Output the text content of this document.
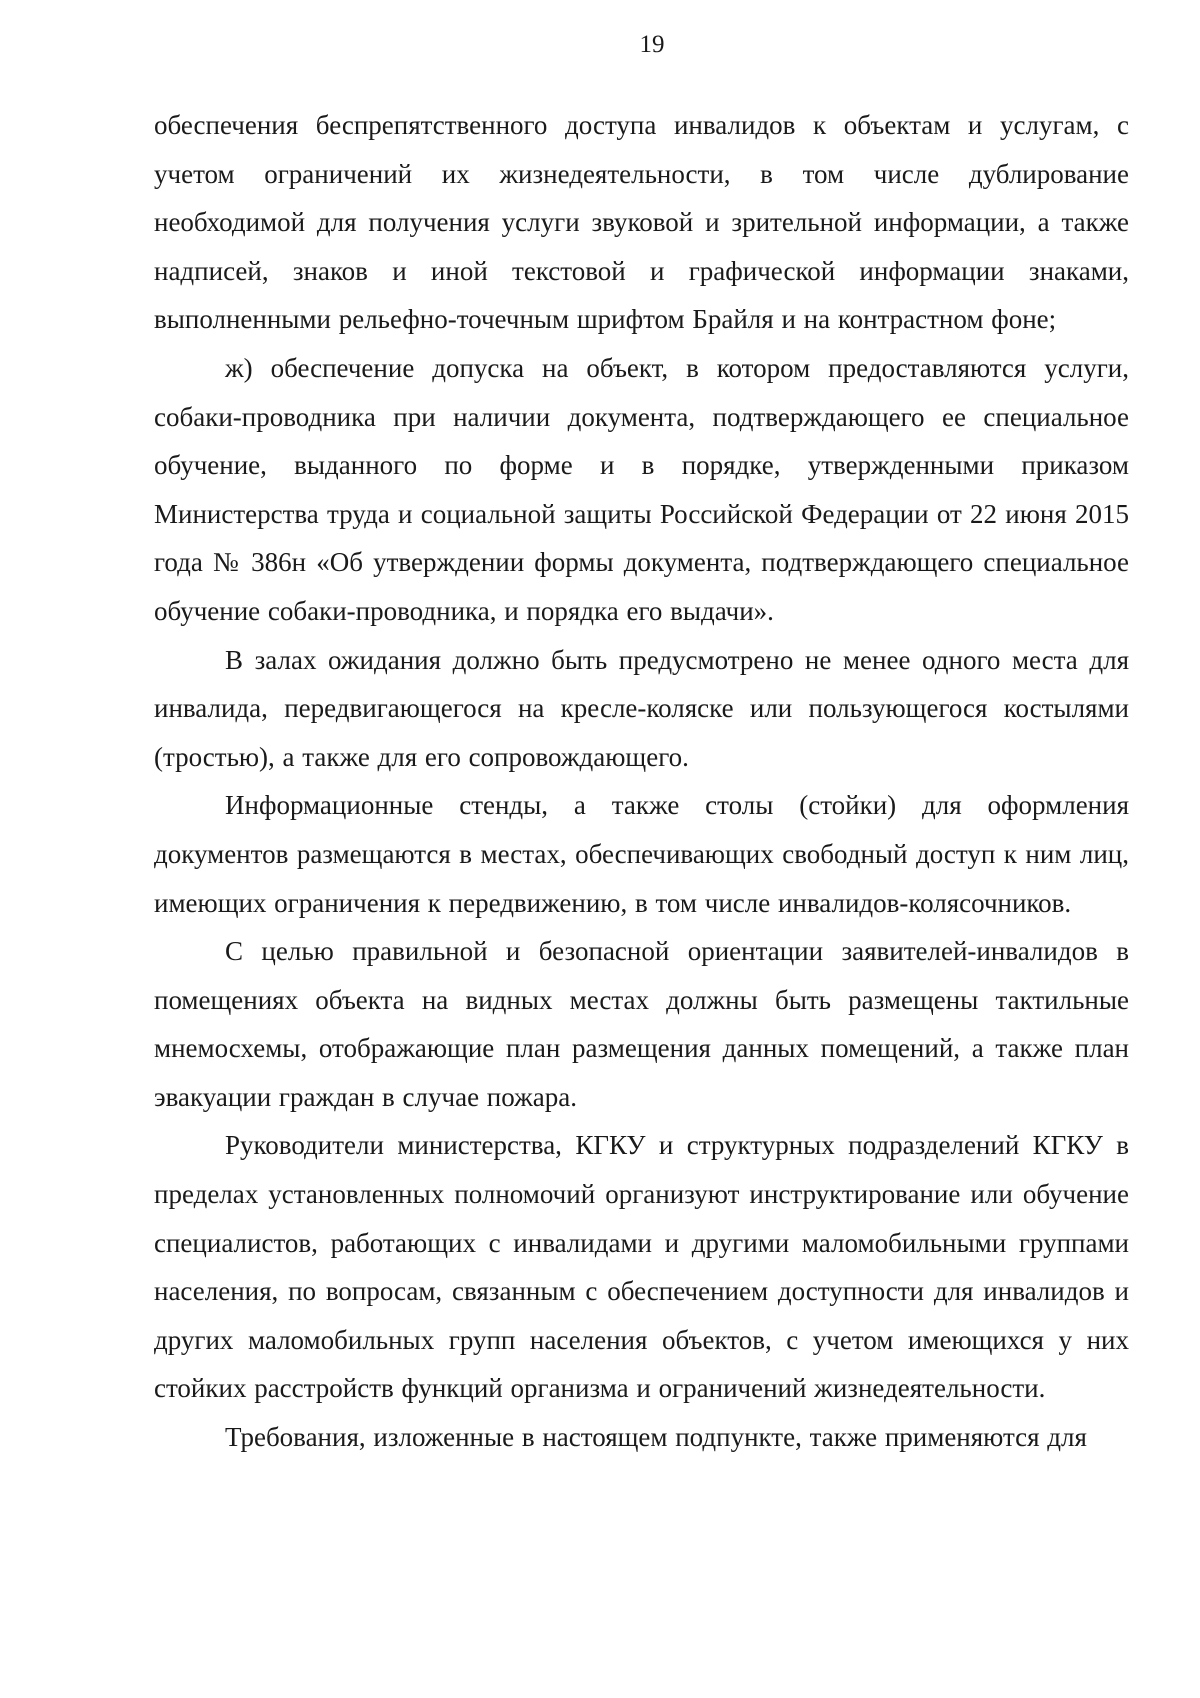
19

обеспечения беспрепятственного доступа инвалидов к объектам и услугам, с учетом ограничений их жизнедеятельности, в том числе дублирование необходимой для получения услуги звуковой и зрительной информации, а также надписей, знаков и иной текстовой и графической информации знаками, выполненными рельефно-точечным шрифтом Брайля и на контрастном фоне;

ж) обеспечение допуска на объект, в котором предоставляются услуги, собаки-проводника при наличии документа, подтверждающего ее специальное обучение, выданного по форме и в порядке, утвержденными приказом Министерства труда и социальной защиты Российской Федерации от 22 июня 2015 года № 386н «Об утверждении формы документа, подтверждающего специальное обучение собаки-проводника, и порядка его выдачи».

В залах ожидания должно быть предусмотрено не менее одного места для инвалида, передвигающегося на кресле-коляске или пользующегося костылями (тростью), а также для его сопровождающего.

Информационные стенды, а также столы (стойки) для оформления документов размещаются в местах, обеспечивающих свободный доступ к ним лиц, имеющих ограничения к передвижению, в том числе инвалидов-колясочников.

С целью правильной и безопасной ориентации заявителей-инвалидов в помещениях объекта на видных местах должны быть размещены тактильные мнемосхемы, отображающие план размещения данных помещений, а также план эвакуации граждан в случае пожара.

Руководители министерства, КГКУ и структурных подразделений КГКУ в пределах установленных полномочий организуют инструктирование или обучение специалистов, работающих с инвалидами и другими маломобильными группами населения, по вопросам, связанным с обеспечением доступности для инвалидов и других маломобильных групп населения объектов, с учетом имеющихся у них стойких расстройств функций организма и ограничений жизнедеятельности.

Требования, изложенные в настоящем подпункте, также применяются для
